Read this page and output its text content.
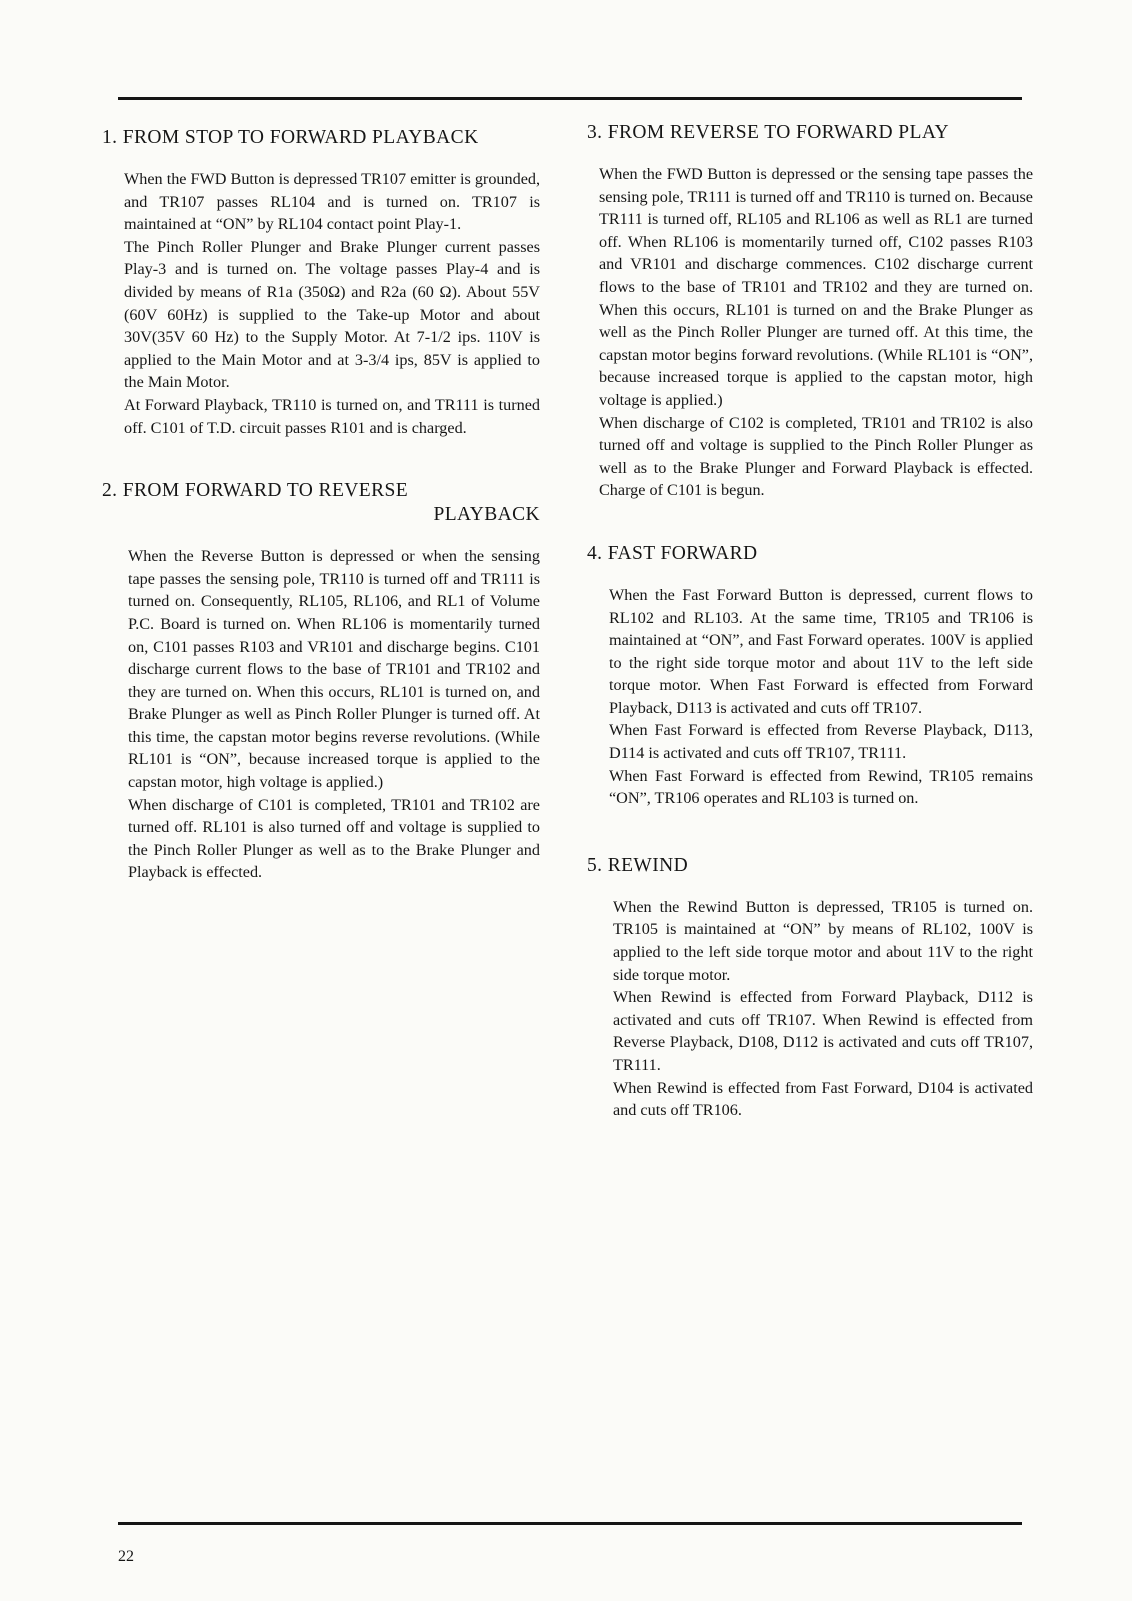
1. FROM STOP TO FORWARD PLAYBACK

When the FWD Button is depressed TR107 emitter is grounded, and TR107 passes RL104 and is turned on. TR107 is maintained at “ON” by RL104 contact point Play-1.

The Pinch Roller Plunger and Brake Plunger current passes Play-3 and is turned on. The voltage passes Play-4 and is divided by means of R1a (350Ω) and R2a (60 Ω). About 55V (60V 60Hz) is supplied to the Take-up Motor and about 30V(35V 60 Hz) to the Supply Motor. At 7-1/2 ips. 110V is applied to the Main Motor and at 3-3/4 ips, 85V is applied to the Main Motor.

At Forward Playback, TR110 is turned on, and TR111 is turned off. C101 of T.D. circuit passes R101 and is charged.

2. FROM FORWARD TO REVERSE
PLAYBACK

When the Reverse Button is depressed or when the sensing tape passes the sensing pole, TR110 is turned off and TR111 is turned on. Consequently, RL105, RL106, and RL1 of Volume P.C. Board is turned on. When RL106 is momentarily turned on, C101 passes R103 and VR101 and discharge begins. C101 discharge current flows to the base of TR101 and TR102 and they are turned on. When this occurs, RL101 is turned on, and Brake Plunger as well as Pinch Roller Plunger is turned off. At this time, the capstan motor begins reverse revolutions. (While RL101 is “ON”, because increased torque is applied to the capstan motor, high voltage is applied.)

When discharge of C101 is completed, TR101 and TR102 are turned off. RL101 is also turned off and voltage is supplied to the Pinch Roller Plunger as well as to the Brake Plunger and Playback is effected.

3. FROM REVERSE TO FORWARD PLAY

When the FWD Button is depressed or the sensing tape passes the sensing pole, TR111 is turned off and TR110 is turned on. Because TR111 is turned off, RL105 and RL106 as well as RL1 are turned off. When RL106 is momentarily turned off, C102 passes R103 and VR101 and discharge commences. C102 discharge current flows to the base of TR101 and TR102 and they are turned on. When this occurs, RL101 is turned on and the Brake Plunger as well as the Pinch Roller Plunger are turned off. At this time, the capstan motor begins forward revolutions. (While RL101 is “ON”, because increased torque is applied to the capstan motor, high voltage is applied.)

When discharge of C102 is completed, TR101 and TR102 is also turned off and voltage is supplied to the Pinch Roller Plunger as well as to the Brake Plunger and Forward Playback is effected. Charge of C101 is begun.

4. FAST FORWARD

When the Fast Forward Button is depressed, current flows to RL102 and RL103. At the same time, TR105 and TR106 is maintained at “ON”, and Fast Forward operates. 100V is applied to the right side torque motor and about 11V to the left side torque motor. When Fast Forward is effected from Forward Playback, D113 is activated and cuts off TR107.

When Fast Forward is effected from Reverse Playback, D113, D114 is activated and cuts off TR107, TR111.

When Fast Forward is effected from Rewind, TR105 remains “ON”, TR106 operates and RL103 is turned on.

5. REWIND

When the Rewind Button is depressed, TR105 is turned on. TR105 is maintained at “ON” by means of RL102, 100V is applied to the left side torque motor and about 11V to the right side torque motor.

When Rewind is effected from Forward Playback, D112 is activated and cuts off TR107. When Rewind is effected from Reverse Playback, D108, D112 is activated and cuts off TR107, TR111.

When Rewind is effected from Fast Forward, D104 is activated and cuts off TR106.

22
